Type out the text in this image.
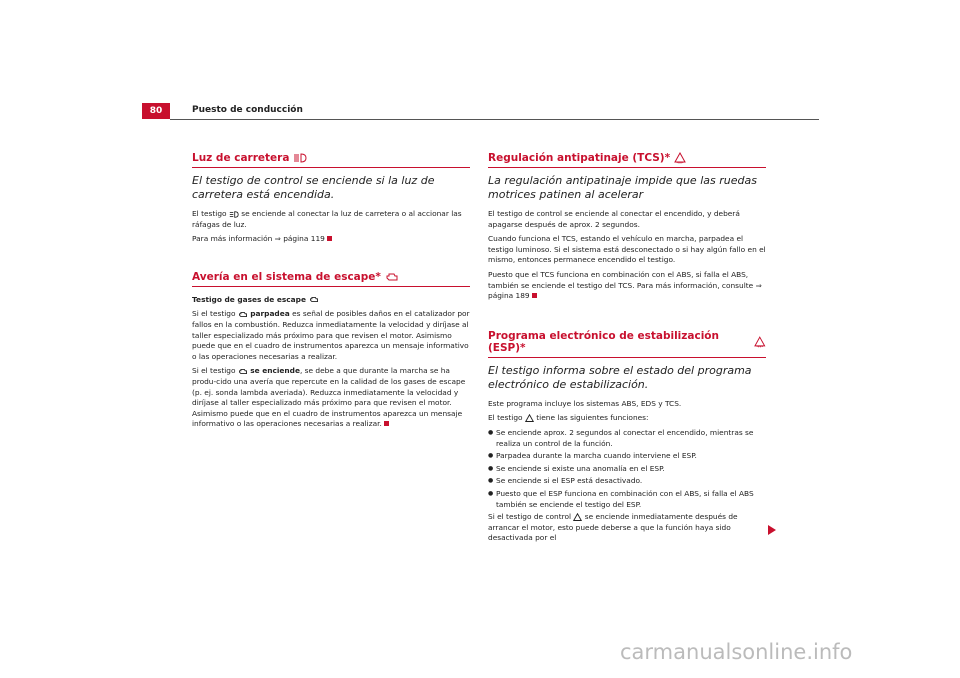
80	Puesto de conducción
Luz de carretera
El testigo de control se enciende si la luz de carretera está encendida.

El testigo se enciende al conectar la luz de carretera o al accionar las ráfagas de luz.

Para más información ⇒ página 119

Avería en el sistema de escape*

Testigo de gases de escape

Si el testigo parpadea es señal de posibles daños en el catalizador por fallos en la combustión. Reduzca inmediatamente la velocidad y diríjase al taller especializado más próximo para que revisen el motor. Asimismo puede que en el cuadro de instrumentos aparezca un mensaje informativo o las operaciones necesarias a realizar.

Si el testigo se enciende, se debe a que durante la marcha se ha produ-cido una avería que repercute en la calidad de los gases de escape (p. ej. sonda lambda averiada). Reduzca inmediatamente la velocidad y diríjase al taller especializado más próximo para que revisen el motor. Asimismo puede que en el cuadro de instrumentos aparezca un mensaje informativo o las operaciones necesarias a realizar.

Regulación antipatinaje (TCS)*
La regulación antipatinaje impide que las ruedas motrices patinen al acelerar

El testigo de control se enciende al conectar el encendido, y deberá apagarse después de aprox. 2 segundos.

Cuando funciona el TCS, estando el vehículo en marcha, parpadea el testigo luminoso. Si el sistema está desconectado o si hay algún fallo en el mismo, entonces permanece encendido el testigo.

Puesto que el TCS funciona en combinación con el ABS, si falla el ABS, también se enciende el testigo del TCS. Para más información, consulte ⇒ página 189

Programa electrónico de estabilización (ESP)*
El testigo informa sobre el estado del programa electrónico de estabilización.

Este programa incluye los sistemas ABS, EDS y TCS.

El testigo tiene las siguientes funciones:

● Se enciende aprox. 2 segundos al conectar el encendido, mientras se realiza un control de la función.

● Parpadea durante la marcha cuando interviene el ESP.

● Se enciende si existe una anomalía en el ESP.

● Se enciende si el ESP está desactivado.

● Puesto que el ESP funciona en combinación con el ABS, si falla el ABS también se enciende el testigo del ESP.

Si el testigo de control se enciende inmediatamente después de arrancar el motor, esto puede deberse a que la función haya sido desactivada por el

carmanualsonline.info
